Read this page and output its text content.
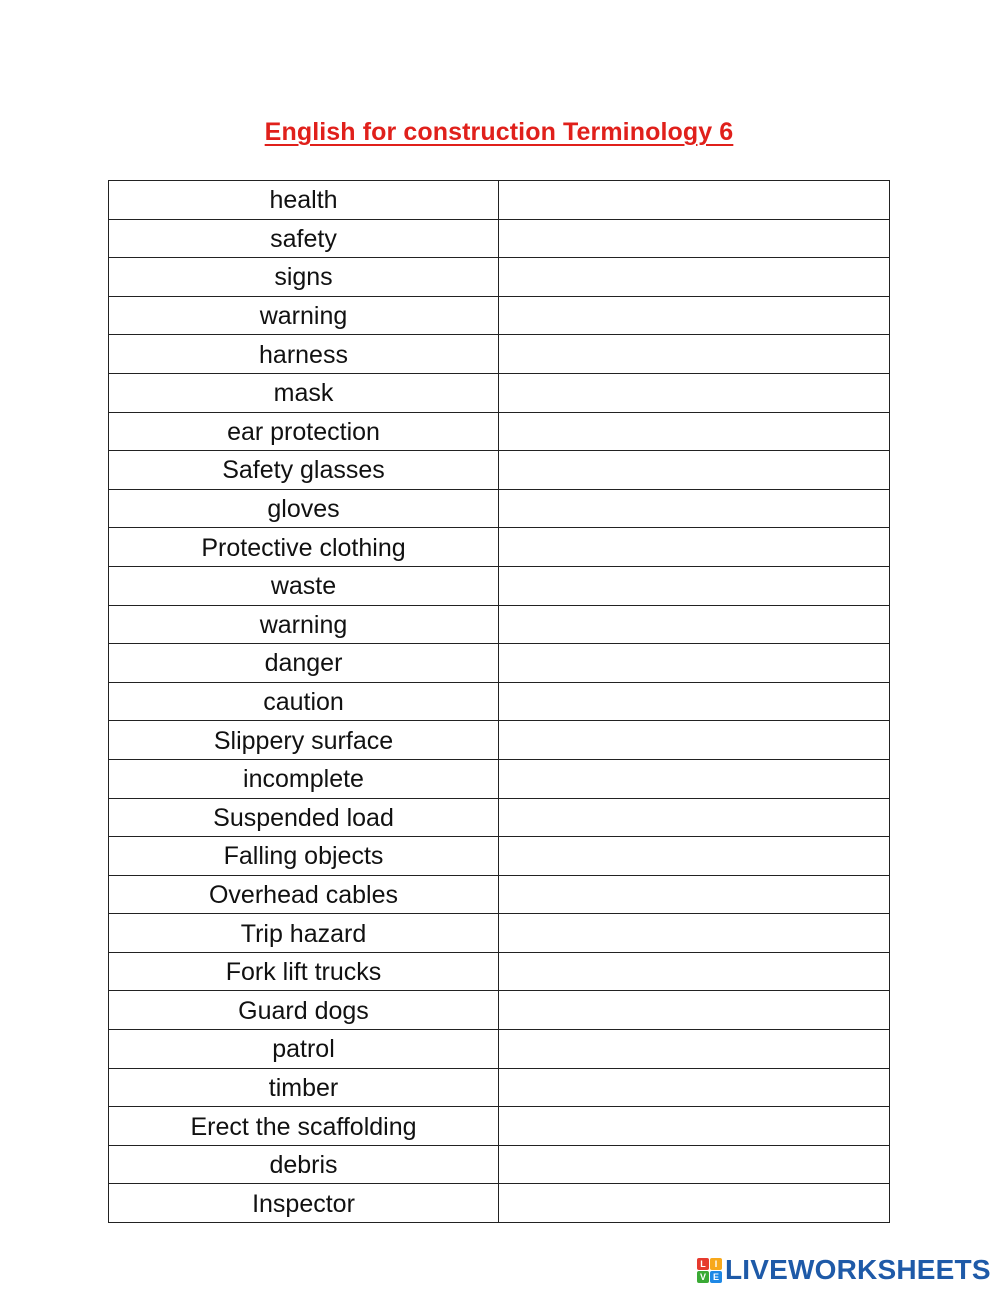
English for construction Terminology 6
health	
safety	
signs	
warning	
harness	
mask	
ear protection	
Safety glasses	
gloves	
Protective clothing	
waste	
warning	
danger	
caution	
Slippery surface	
incomplete	
Suspended load	
Falling objects	
Overhead cables	
Trip hazard	
Fork lift trucks	
Guard dogs	
patrol	
timber	
Erect the scaffolding	
debris	
Inspector	
L I
V E LIVEWORKSHEETS
